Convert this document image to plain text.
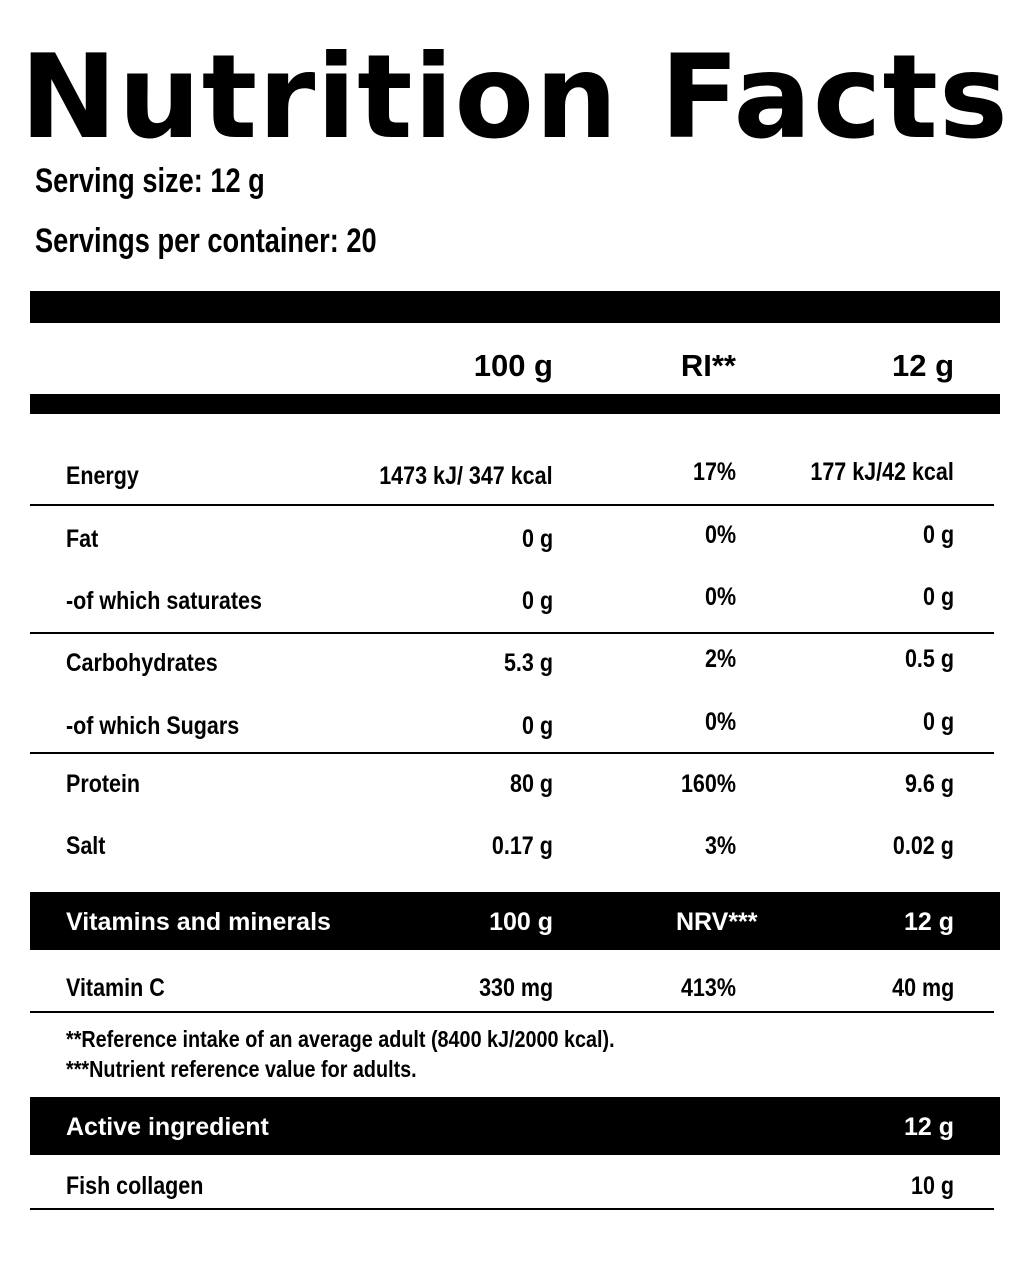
Nutrition Facts
Serving size: 12 g
Servings per container: 20
100 g	RI**	12 g
Energy	1473 kJ/ 347 kcal	17%	177 kJ/42 kcal
Fat	0 g	0%	0 g
-of which saturates	0 g	0%	0 g
Carbohydrates	5.3 g	2%	0.5 g
-of which Sugars	0 g	0%	0 g
Protein	80 g	160%	9.6 g
Salt	0.17 g	3%	0.02 g
Vitamins and minerals	100 g	NRV***	12 g
Vitamin C	330 mg	413%	40 mg
**Reference intake of an average adult (8400 kJ/2000 kcal).
***Nutrient reference value for adults.
Active ingredient	12 g
Fish collagen	10 g
